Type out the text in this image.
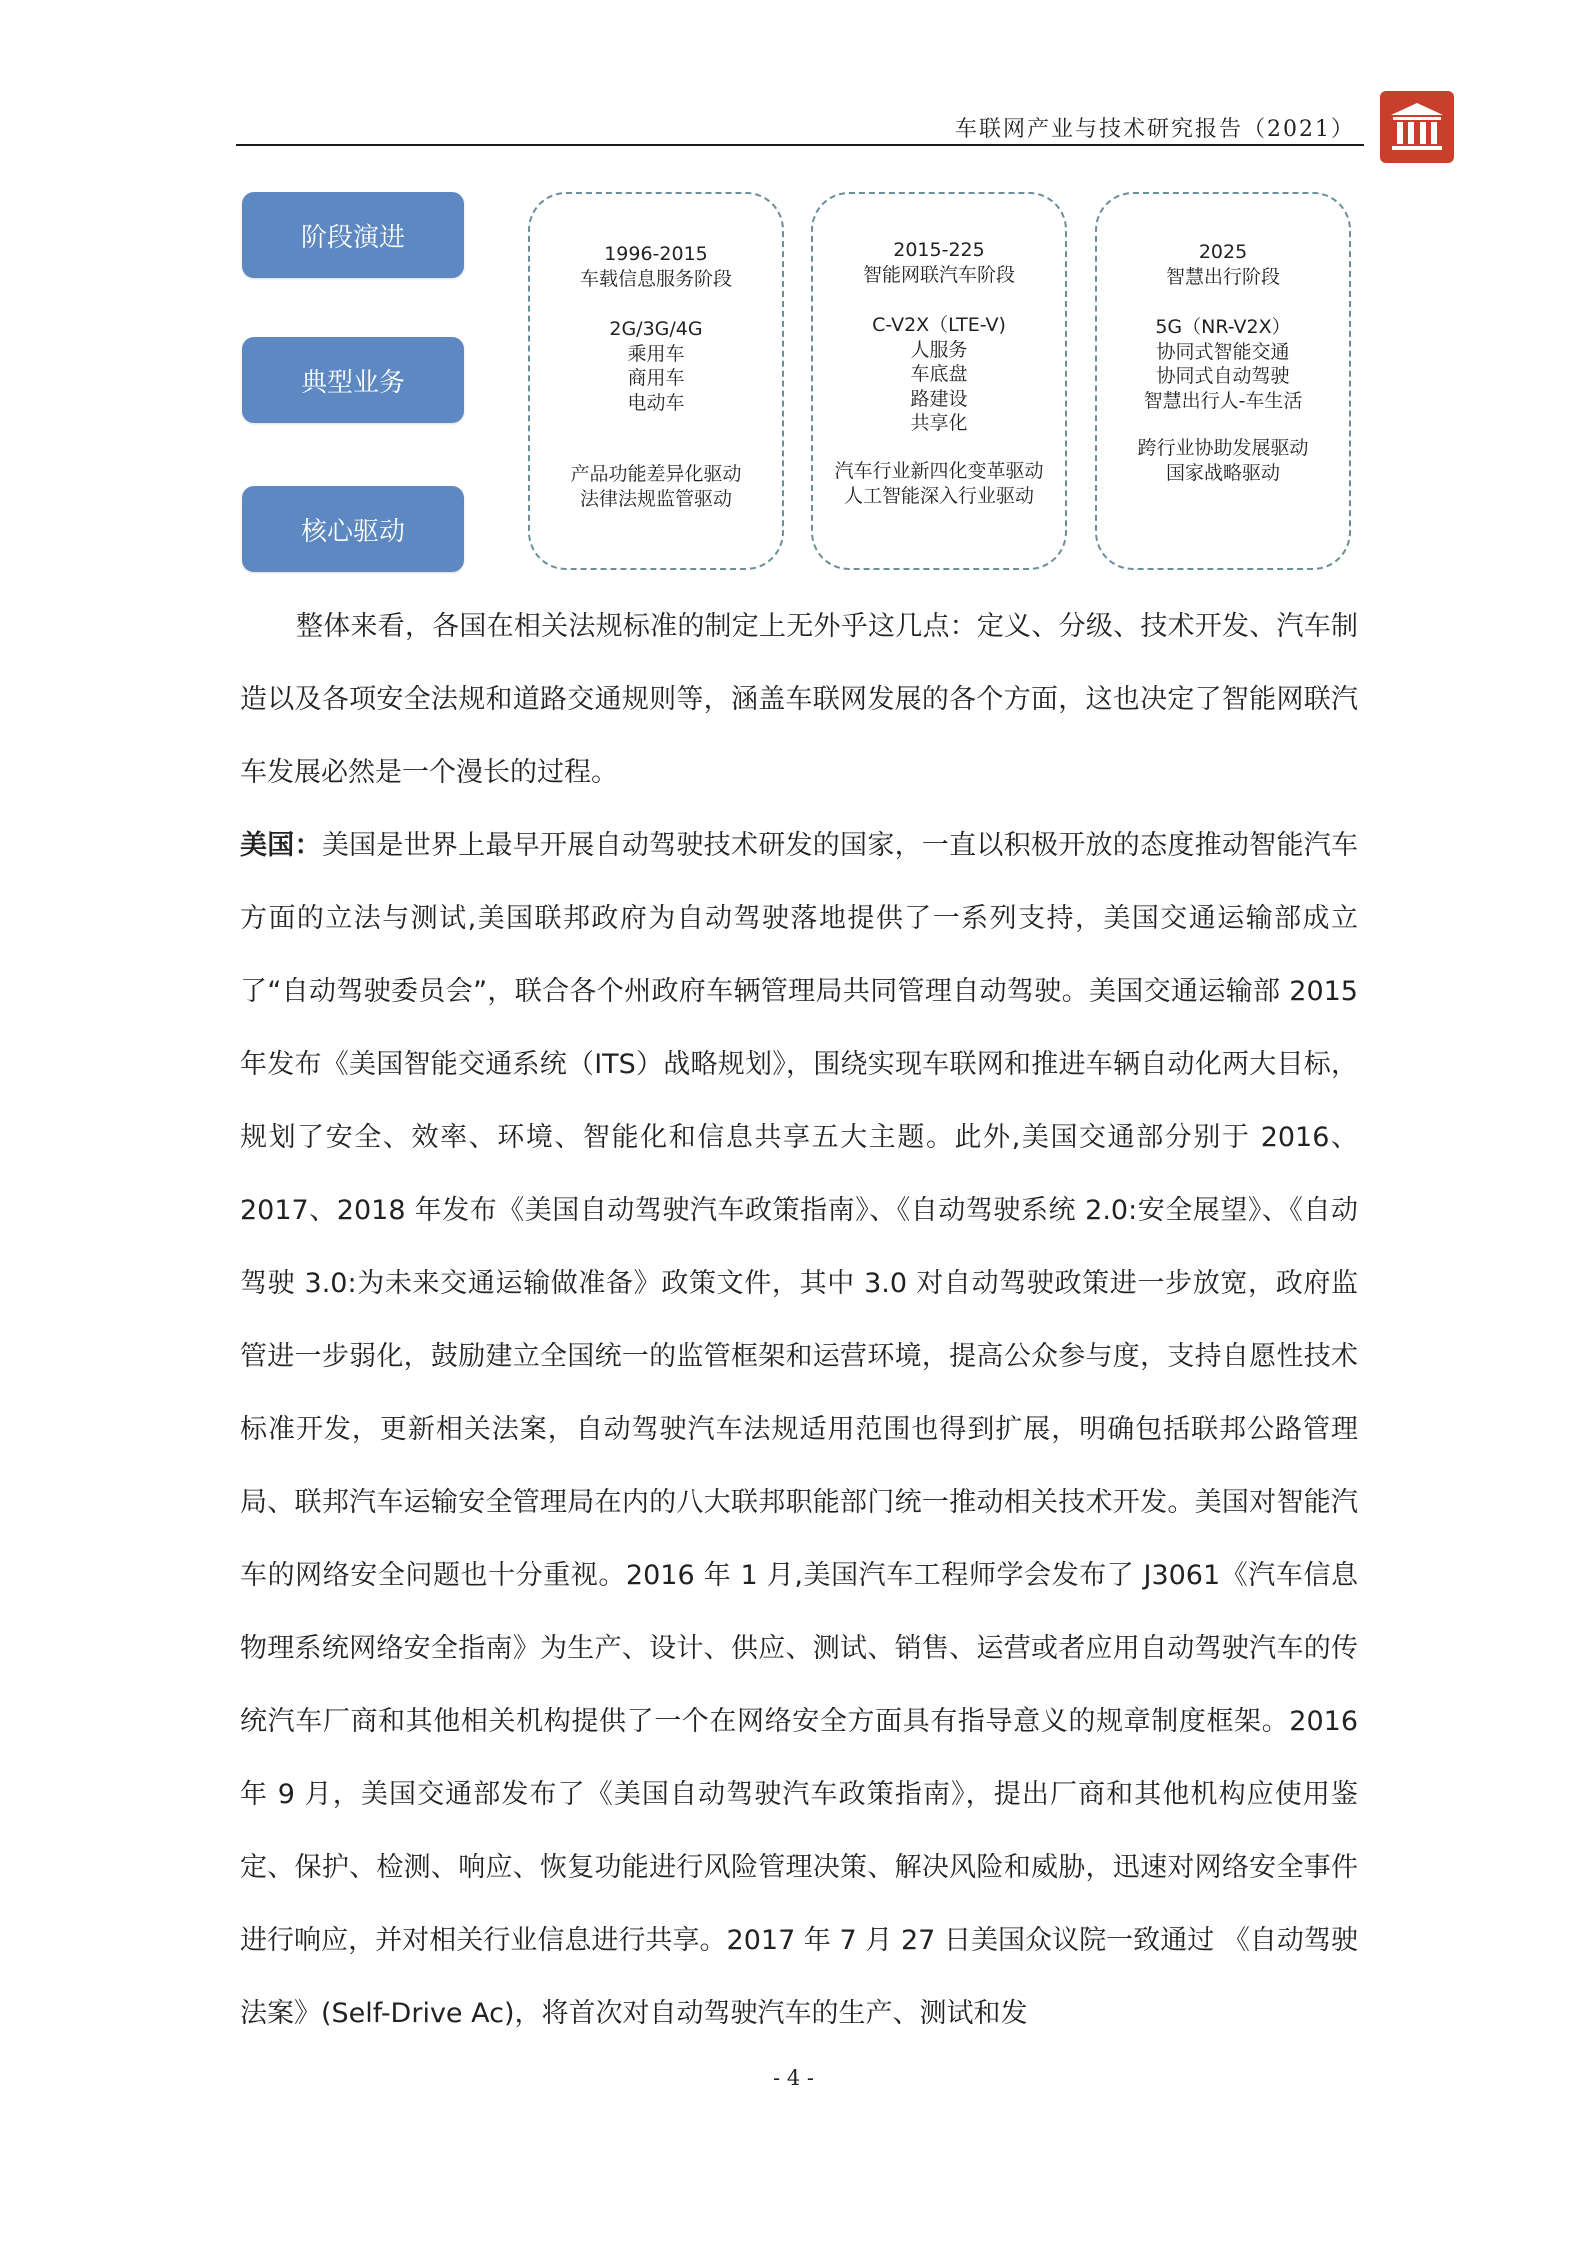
车联网产业与技术研究报告（2021）
阶段演进
典型业务
核心驱动
1996-2015
车载信息服务阶段
2G/3G/4G
乘用车
商用车
电动车
产品功能差异化驱动
法律法规监管驱动
2015-225
智能网联汽车阶段
C-V2X（LTE-V)
人服务
车底盘
路建设
共享化
汽车行业新四化变革驱动
人工智能深入行业驱动
2025
智慧出行阶段
5G（NR-V2X）
协同式智能交通
协同式自动驾驶
智慧出行人-车生活
跨行业协助发展驱动
国家战略驱动

整体来看，各国在相关法规标准的制定上无外乎这几点：定义、分级、技术开发、汽车制造以及各项安全法规和道路交通规则等，涵盖车联网发展的各个方面，这也决定了智能网联汽车发展必然是一个漫长的过程。

美国：美国是世界上最早开展自动驾驶技术研发的国家，一直以积极开放的态度推动智能汽车方面的立法与测试,美国联邦政府为自动驾驶落地提供了一系列支持，美国交通运输部成立了“自动驾驶委员会”，联合各个州政府车辆管理局共同管理自动驾驶。美国交通运输部 2015 年发布《美国智能交通系统（ITS）战略规划》，围绕实现车联网和推进车辆自动化两大目标，规划了安全、效率、环境、智能化和信息共享五大主题。此外,美国交通部分别于 2016、2017、2018 年发布《美国自动驾驶汽车政策指南》、《自动驾驶系统 2.0:安全展望》、《自动驾驶 3.0:为未来交通运输做准备》政策文件，其中 3.0 对自动驾驶政策进一步放宽，政府监管进一步弱化，鼓励建立全国统一的监管框架和运营环境，提高公众参与度，支持自愿性技术标准开发，更新相关法案，自动驾驶汽车法规适用范围也得到扩展，明确包括联邦公路管理局、联邦汽车运输安全管理局在内的八大联邦职能部门统一推动相关技术开发。美国对智能汽车的网络安全问题也十分重视。2016 年 1 月,美国汽车工程师学会发布了 J3061《汽车信息物理系统网络安全指南》为生产、设计、供应、测试、销售、运营或者应用自动驾驶汽车的传统汽车厂商和其他相关机构提供了一个在网络安全方面具有指导意义的规章制度框架。2016 年 9 月，美国交通部发布了《美国自动驾驶汽车政策指南》，提出厂商和其他机构应使用鉴定、保护、检测、响应、恢复功能进行风险管理决策、解决风险和威胁，迅速对网络安全事件进行响应，并对相关行业信息进行共享。2017 年 7 月 27 日美国众议院一致通过 《自动驾驶法案》(Self-Drive Ac)，将首次对自动驾驶汽车的生产、测试和发

- 4 -
